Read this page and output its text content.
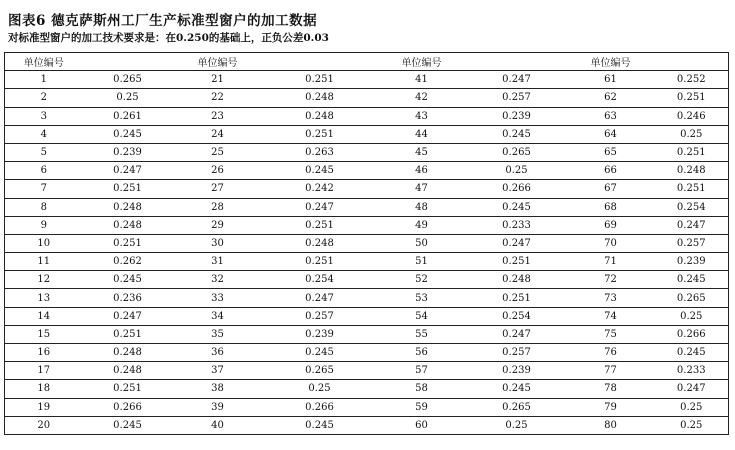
图表6 德克萨斯州工厂生产标准型窗户的加工数据
对标准型窗户的加工技术要求是：在0.250的基础上，正负公差0.03
单位编号		单位编号		单位编号		单位编号	
1	0.265	21	0.251	41	0.247	61	0.252
2	0.25	22	0.248	42	0.257	62	0.251
3	0.261	23	0.248	43	0.239	63	0.246
4	0.245	24	0.251	44	0.245	64	0.25
5	0.239	25	0.263	45	0.265	65	0.251
6	0.247	26	0.245	46	0.25	66	0.248
7	0.251	27	0.242	47	0.266	67	0.251
8	0.248	28	0.247	48	0.245	68	0.254
9	0.248	29	0.251	49	0.233	69	0.247
10	0.251	30	0.248	50	0.247	70	0.257
11	0.262	31	0.251	51	0.251	71	0.239
12	0.245	32	0.254	52	0.248	72	0.245
13	0.236	33	0.247	53	0.251	73	0.265
14	0.247	34	0.257	54	0.254	74	0.25
15	0.251	35	0.239	55	0.247	75	0.266
16	0.248	36	0.245	56	0.257	76	0.245
17	0.248	37	0.265	57	0.239	77	0.233
18	0.251	38	0.25	58	0.245	78	0.247
19	0.266	39	0.266	59	0.265	79	0.25
20	0.245	40	0.245	60	0.25	80	0.25
